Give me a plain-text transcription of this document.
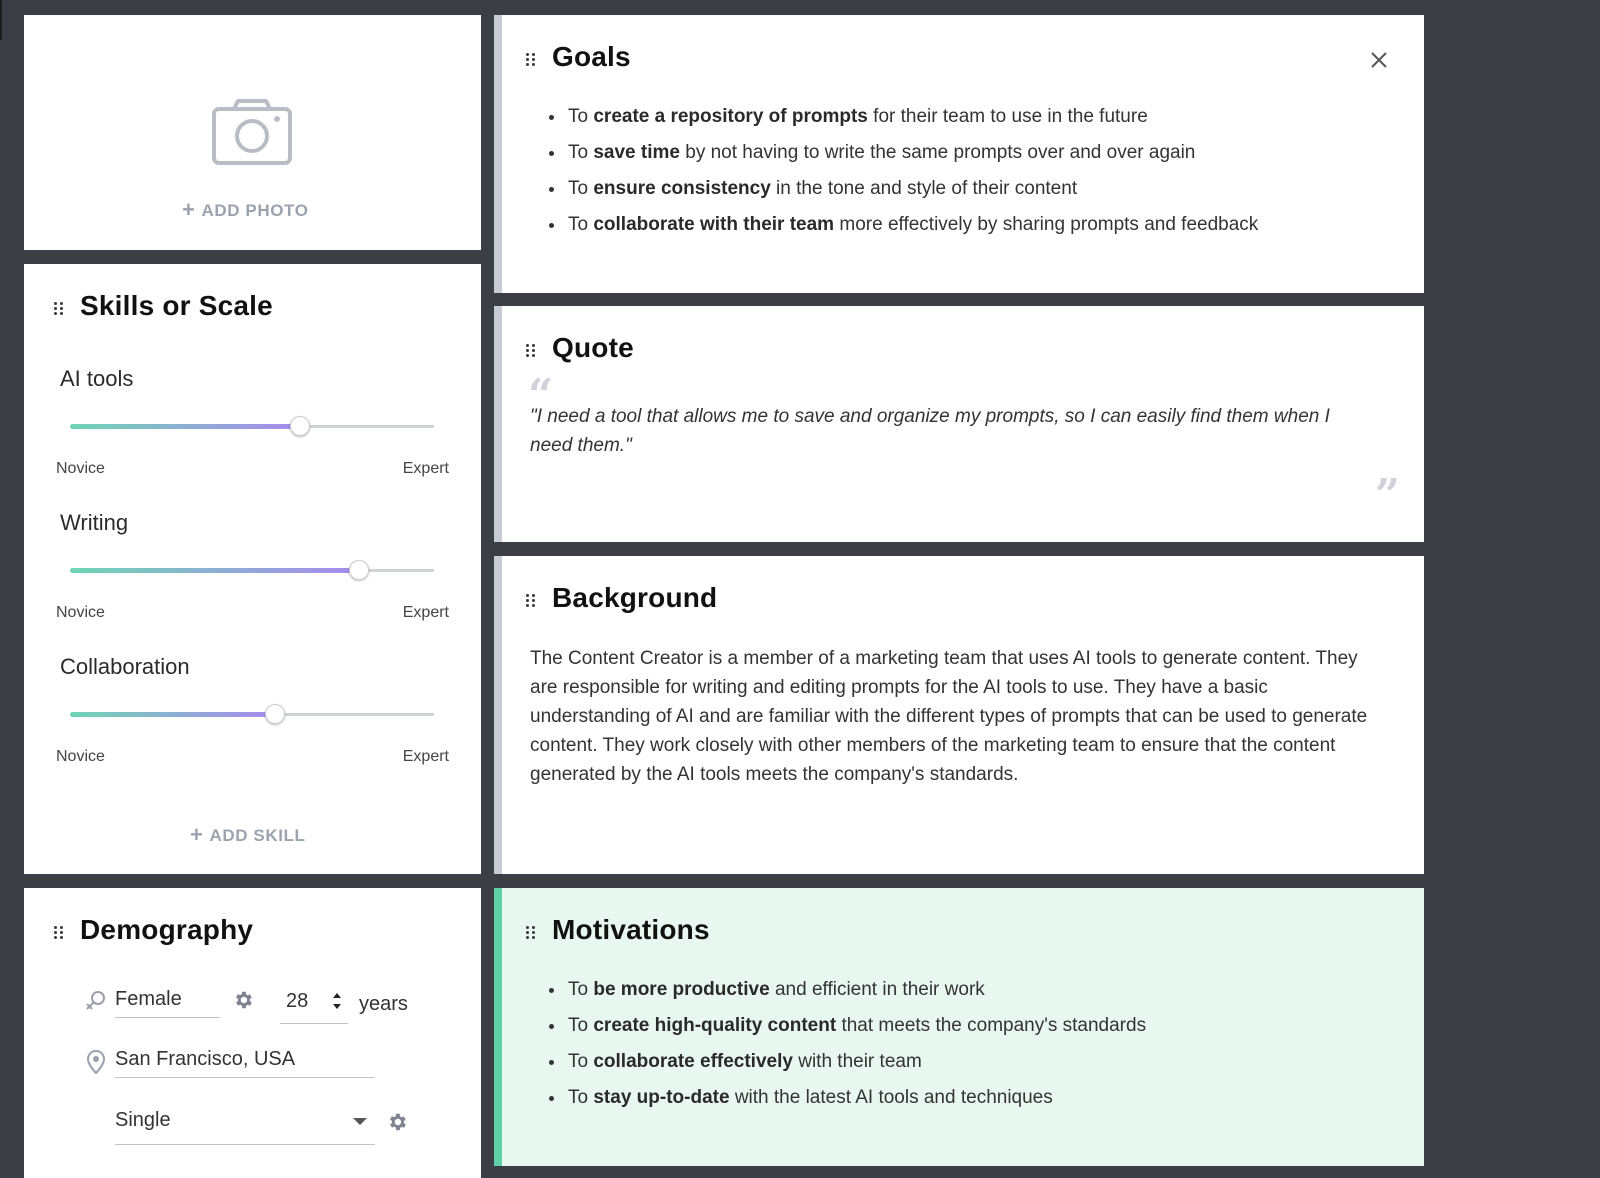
+ ADD PHOTO
Skills or Scale
AI tools
Novice	Expert
Writing
Novice	Expert
Collaboration
Novice	Expert
+ ADD SKILL
Demography
Female	28	years
San Francisco, USA
Single
Goals
• To create a repository of prompts for their team to use in the future
• To save time by not having to write the same prompts over and over again
• To ensure consistency in the tone and style of their content
• To collaborate with their team more effectively by sharing prompts and feedback
Quote
“
"I need a tool that allows me to save and organize my prompts, so I can easily find them when I need them."
”
Background
The Content Creator is a member of a marketing team that uses AI tools to generate content. They are responsible for writing and editing prompts for the AI tools to use. They have a basic understanding of AI and are familiar with the different types of prompts that can be used to generate content. They work closely with other members of the marketing team to ensure that the content generated by the AI tools meets the company's standards.
Motivations
• To be more productive and efficient in their work
• To create high-quality content that meets the company's standards
• To collaborate effectively with their team
• To stay up-to-date with the latest AI tools and techniques
